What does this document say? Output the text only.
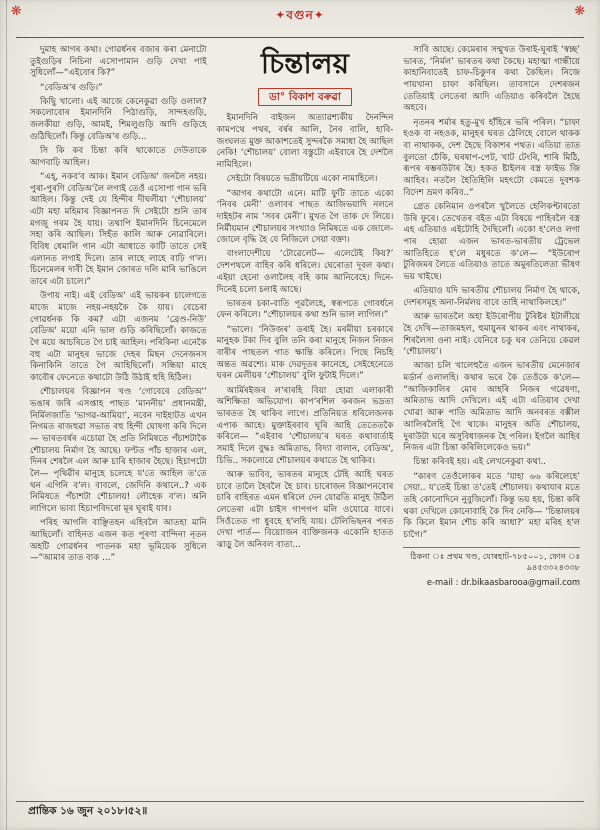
❋	✦বগুন✦	❋

দুমাহ আগৰ কথা। গোৱৰ্ধনৰ বজাৰ কৰা মেনাটো তুইগুড়িৰ নিচিনা এসোপামান গুড়ি দেখা পাই সুধিলোঁ—“এইবোৰ কি?”

“বেডিঅ'ৰ গুড়ি।”

কিছুি খালো। এই আজে কেনেকুৱা গুড়ি ওলাল? সকলোবোৰ ইমানদিনি পিঠাগুড়ি, সান্দহগুড়ি, জলকীয়া গুড়ি, আমই, শিমলুগুড়ি আদি গুড়িহে গুঠিছিলোঁ। কিন্তু বেডিঅ'ৰ গুড়ি...

সি কি কব চিন্তা কৰি থাকোতে দেউতাকে আগবাঢ়ি আহিল।

“এহ্, নকব'ব আক। ইমান বেডিঅ' জনলৈ নহয়। পুৰা-পুৰণি বেডিঅ'লৈ লগাই তেওঁ এসোপা গান ভৰি আহিল। কিন্তু দেই যে হিন্দীৰ দীঘলীয়া ‘শৌচালয়’ এটা মহা মহিমাৰ বিজ্ঞাপনত দি সেইটো শুনি তাৰ মগজু গৰম হৈ যায়। তথাপি ইমানদিনি চিনেমেলে সহ্য কৰি আছিল। সিহঁত কালি আৰু নোৱাৰিলে। বিবিধ ধেমালি গান এটা আধাতে কাটি তাতে সেই এলানত লগাই দিলে। তাৰ লাহে লাহে বাঢ়ি গ'ল। চিনেমেলৰ দাবী হৈ ইমান জোৰত দলি মাৰি ভাঙিলে তাৰে এটা চালে।”

উপায় নাই। এই বেডিঅ' এই ভায়কৰ চালেগতে মাজে মাজে নহয়-নহয়কৈ কৈ যায়। বেচেৰা গোৱৰ্ধনক কি কম? এটা এজনম ‘ব্ৰেণ্ড-নিউ’ বেডিঅ' ময়ো এনি ভাল গুড়ি কৰিছিলোঁ। কাজতে গৈ ময়ে আচৰিতে গৈ চাই আহিল। পৰিকিনা এনেকৈ বহু এটা মানুহৰ ভাজে দেহৰ মিছন দেনেজনস কিনাকিনি তাতে গৈ আহিছিলোঁ। সন্ধিয়া মাহে কাবৌৰ ফেনেতে কথাটো উঠি উঠাই হুহি হিঠিল।

শৌচালয়ৰ বিজ্ঞাপন খণ্ড ‘গোবেৰে বেডিঅ'’ ভঙাৰ জৰি এসপ্তাহ পাছত ‘মাননীয়’ প্ৰধানমন্ত্ৰী, নিৰ্মিলজাতি ‘ভাগৱ-আমিয়া’, নবেন দাইহাটত এখন নিগমত ৰাজহুৱা সভাত বহু হিন্দী ঘোষণা কৰি দিলে— ভাৰতবৰ্ষৰ এচোৱা হৈ প্ৰতি নিমিষতে পঁচাশটাকৈ শৌচালয় নিৰ্মাণ হৈ আছে। ফণ্টত পাঁচ হাজাৰ এল, দিনৰ শেষলৈ এল আৰু চাৰি হাজাৰ হৈছে। হিচাপটো লৈ— পৃথিৱীৰ মানুহে চলেহে য'তে আহিল ত'তে থন এগিনি ব'ল। বাবলে, জেদিনি কথানে..? এক নিমিষতে পঁচাশটা শৌচালয়! লৌহেক ব'ল। অনি লাগিলে ভাব্য হিচাপবিদৰো মূৰ ঘূৰাই যাব।

পৰিহ আগলি বাঞ্ছিতহন এহিবলৈ আতহা মানি আছিলোঁ। বাহিনত এজন কত পূৰণা বান্দিনা নৃতন অহটি গোৱৰ্ধনৰ পাতনক মহা ভূমিয়েক সুধিলে—“আমাৰ তাত বাক …”

চিন্তালয়
ডা° বিকাশ বৰুৱা

ইমানদিনি বাইজন অত্যাৱশ্যকীয় দৈনন্দিন কামপথে পথৰ, বৰ্ষৰ আলি, নৈৰ বালি, হাবি-জংঘলত মুক্ত আকাশতেই সুন্দৰকৈ সমাধা হৈ আছিল নেকি! ‘শৌচালয়’ বোলা বস্তুটো এইবাৰে হৈ দেশলৈ নামিহিলে।

সেইটো বিষয়তে ভদ্ৰীয়টিয়ে একো নামাহিলে।

“আগৰ কথাটো এনে। মাটি ফুটি তাতে একো ‘নিবৰ মেনী’ ওলাবৰ পাছত আজিভয়াদি নলনে দাইহটৰ নাম ‘সবৰ মেনী’। মুখত গৈ তাক দে লিয়ে। নিৰ্মীয়মান শৌচালয়ৰ সংখ্যাও নিমিষতে এক জোলে-জোলে বৃদ্ধি হৈ যে নিজিলে সেয়া বক্তা।

বাংলাদেশীয়ে ‘টোৱেলেট— এলেটেই কিয়?’ দেশপথলে বাহিব কৰি ধৰিলে। ঘেৰোতা দূবল কথা। এইয়া হেনো ওলালৈহ বহি কাম আনিবেহে। দিনে-দিনেই চলো চলাই আছে।

ভাৰতৰ চকা-বাতি পূৱলৈহে, স্বৰূপতে গোবৰ্ধনে ফেন কৰিলে। “শৌচালয়ৰ কথা শুনি ভাল লাগিল।”

“ভালে। ‘নিউজৰ’ ডৰাই হৈ। মৰমীয়া চৰকাৰে মানুহক টকা দিব বুলি তনি কৰা মানুহে নিজন নিজন বাৰীৰ পাছতল গাত ক্ষান্তি কৰিলে। পিছে নিচহি অন্তত অৱশ্যে। মাক দেৱদূতৰ কানেহে, সেইহেনেতে ঘৰন মেলীয়ৰ ‘শৌচালয়’ বুলি ফুটাই দিলে।”

আৰ্মিৰইজৰ ল'ৰাৰহি বিয়া হোৱা এলাকাৰী অশিক্ষিতা অভিযোগ। কাপ'ৰশিল কৰজন ভদ্ৰতা ভাৰতত হৈ থাকিব লাগে। প্ৰতিনিয়ত ধৰিলেজনক এপাক আহে। মুক্তাইৰবাব ঘূৰি আহি তেতেতকৈ কৰিলে— “এইবাৰ ‘শৌচালয়’ৰ ঘৰত কথাবাৰ্তাই সমাই দিলে বুদ্ধঃ অমিতাভ, বিদ্যা বালান, বেডিঅ', চিভি.. সকলোৱে শৌচালয়ৰ কথাতে হৈ থাকিব।

আৰু ভাবিব, ভাৰতৰ মানুহে টেহি আহি ঘৰত চাবে তালৈ হৈবলৈ হৈ চাব। চাৰোজন বিজ্ঞাপনবোৰ চাৰি বাহিৰত এমন ধৰিলে দেন যোৱতি মানুহ উঠিল লেতেৰা এটা চাইস গাপগপ মলি ওযোৱে যাবে। সিওঁতেত গা ধুবহে হ'লহি যায়। টেলিভিছনৰ পৰত দেখা পাৰ্ত— বিয়াোজন ব্যক্তিজনক একোনি হাতত ঝাড়ু লৈ অনিবল বাতা…

সাবি আছে। কেমেৰাৰ সন্মুখত উৰাই-ঘূৰাই ‘স্বচ্ছ’ ভাৰত, ‘নিৰ্মল’ ভাৰতৰ কথা কৈছে। মহাত্মা গান্ধীয়ে কাহানিবাতেই চাফ-চিকুণৰ কথা কৈছিল। নিজে পায়খানা চাফা কৰিছিল। তাবসানে দেশৰজন তেতিয়াই লেতেৰা আদি এতিয়াও কৰিবলৈ হৈছে অহবে।

নৃতনৰ শৰ্মাৰ হতু-মুখ হাঁহিৰে ভৰি পৰিল। “চাফা হওক বা নহওক, মানুহৰ ঘৰত ঠেলিহে বোলে থাকক বা নাথাকক, দেশ হৈছে বিকাশৰ পথত। এতিয়া তাত বুলতো ঢেঁকি, ঘৰষাপ-পেট, খাট টেংৰি, শাৰি মিঠি, ৰূপৰ ৰম্ভৰউটাৰ হৈ। হকত ষ্টাইলৰ বস্ত্ৰ ফাইভ জি আহিব। নতলৈ হৈতিহিলি মহৎটো কেমতে দুবশক বিদেশ ভ্ৰমণ কৰিব..”

গ্ৰেত কেনিমান ওপৰলৈ খুলৈতে হেলিকপ্টাৰতো উৰি ফুৰে। তেখেতৰ বইত এটা বিষয়ে পাহিবলৈ বস্ত্ৰ এহ এতিয়াও এইটোহি দৈছিলোঁ। একো হ'লেও লগা পাৰ হোৱা এজন ভাৰত-ভাৰতীয় ট্ৰেভেল আতিহিতে হ'লে মধুৰতে ক'লে— “ইউৰোপ টুৰিজমৰ লৈতে এতিয়াও তাতে অমুৰতিলেতা ভীষণ ভয় খাইছে।

এতিয়াও যদি ভাৰতীয় শৌচালয় নিৰ্মাণ হৈ থাকে, দেশৰসমূহ অনা-নিৰ্মলয় বাবে তাহি নাথাকিলহে।”

আৰু ভাৰতলৈ অহা ইউৰোপীয় টুৰিষ্টৰ ইটালীয়ে হৈ দেখি—তাজমহল, হুমায়ুনৰ থাকৰ এবং নাথাকৰ, শিৰলৈসা ওনা নাই। যেনিবে চকু ঘৰ তেনিয়ে কেৱল ‘শৌচালয়’।

আজা চলি খালেহুতৈ এজন ভাৰতীয় মেনেজাৰ মৰ্ডাৰ্ন ওলালহি। কথাৰ ভৰে কৈ তেওঁকে ক'লে— “আজিকালিৰ মোৰ আহৰি নিজৰ গৱেষণা, অমিতাভ আদি দেখিলে। এই এটা এতিয়াৰ দেখা খোৱা আৰু পাতি অমিতাভ আদি অনবৰত বক্সীল আলিৰলৈহি গৈ থাকে। মানুহৰ অতি শৌচালয়, দুৰাউটা ঘৰে অসুবিধাজনক হৈ পৰিল। ইগলৈ আহিব নিজৰ এটা চিন্তা কৰিলিলেকেও ভয়।”

চিন্তা কৰিবই হয়। এই লেখনেকুৱা কথা..

“কাৰণ তেওঁলোকৰ মতে ‘যাহা ৬৬ কৰিলেহে’ সেয়া.. য'তেই চিন্তা ত'তেই শৌচালয়। কথাযাৰ মতে তহি কোনোদিনে নুবুজিলোঁ। কিন্তু ভয় হয়, চিন্তা কৰি থকা দেখিলে কোনোবাহি কৈ দিব নেকি— ‘চিন্তালয়ৰ কি কিলে ইমান শৌচ কৰি আধা?’ মহা মৰিহ হ'ল চাগৈ।”

ঠিকনা ঃ প্ৰথম খণ্ড, যোৰহাট-৭৮৫০০১, ফোন ঃ

৯৪৫৩৩২৪৩৩৮

e-mail : dr.bikaasbarooa@gmail.com

প্ৰান্তিক ১৬ জুন ২০১৮।৫২॥
